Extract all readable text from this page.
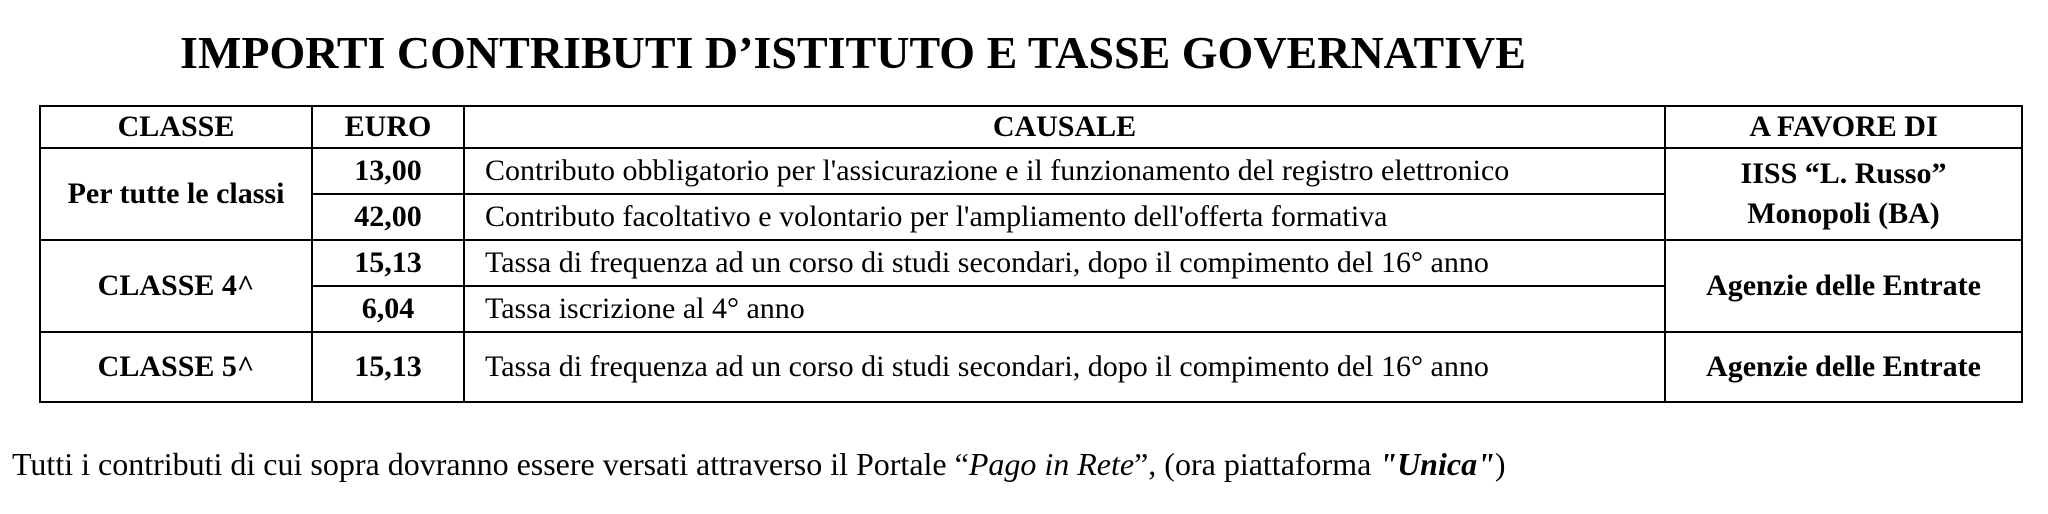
IMPORTI CONTRIBUTI D’ISTITUTO E TASSE GOVERNATIVE
CLASSE	EURO	CAUSALE	A FAVORE DI
Per tutte le classi	13,00	Contributo obbligatorio per l'assicurazione e il funzionamento del registro elettronico	IISS “L. Russo”
Monopoli (BA)

	42,00	Contributo facoltativo e volontario per l'ampliamento dell'offerta formativa	
CLASSE 4^	15,13	Tassa di frequenza ad un corso di studi secondari, dopo il compimento del 16° anno	Agenzie delle Entrate
	6,04	Tassa iscrizione al 4° anno	
CLASSE 5^	15,13	Tassa di frequenza ad un corso di studi secondari, dopo il compimento del 16° anno	Agenzie delle Entrate

Tutti i contributi di cui sopra dovranno essere versati attraverso il Portale “Pago in Rete”, (ora piattaforma "Unica")
